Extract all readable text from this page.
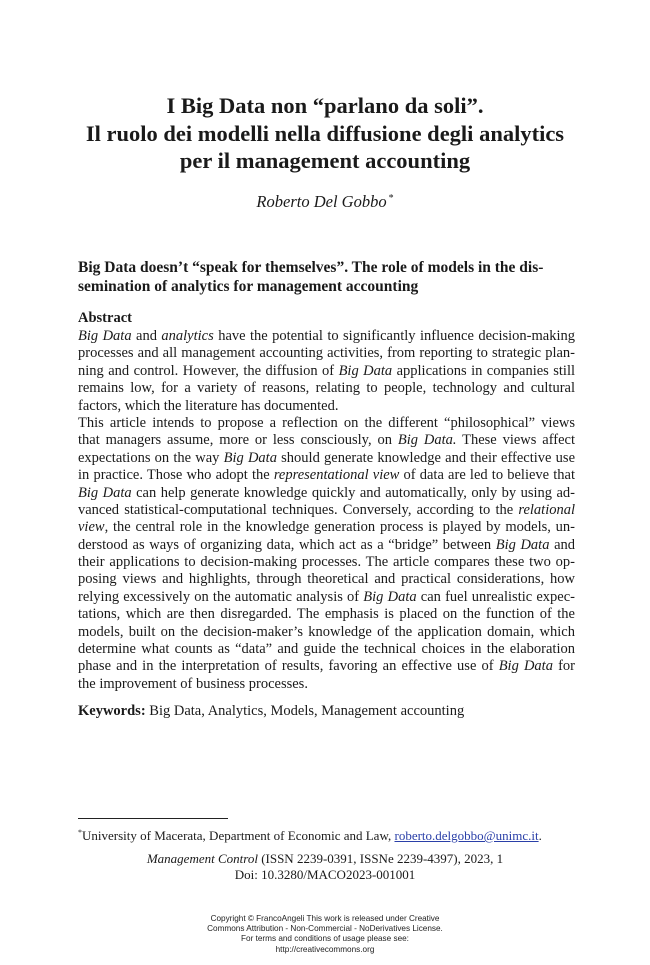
I Big Data non “parlano da soli”.
Il ruolo dei modelli nella diffusione degli analytics
per il management accounting
Roberto Del Gobbo *
Big Data doesn’t “speak for themselves”. The role of models in the dis-
semination of analytics for management accounting
Abstract
Big Data and analytics have the potential to significantly influence decision-making
processes and all management accounting activities, from reporting to strategic plan-
ning and control. However, the diffusion of Big Data applications in companies still
remains low, for a variety of reasons, relating to people, technology and cultural
factors, which the literature has documented.
This article intends to propose a reflection on the different “philosophical” views
that managers assume, more or less consciously, on Big Data. These views affect
expectations on the way Big Data should generate knowledge and their effective use
in practice. Those who adopt the representational view of data are led to believe that
Big Data can help generate knowledge quickly and automatically, only by using ad-
vanced statistical-computational techniques. Conversely, according to the relational
view, the central role in the knowledge generation process is played by models, un-
derstood as ways of organizing data, which act as a “bridge” between Big Data and
their applications to decision-making processes. The article compares these two op-
posing views and highlights, through theoretical and practical considerations, how
relying excessively on the automatic analysis of Big Data can fuel unrealistic expec-
tations, which are then disregarded. The emphasis is placed on the function of the
models, built on the decision-maker’s knowledge of the application domain, which
determine what counts as “data” and guide the technical choices in the elaboration
phase and in the interpretation of results, favoring an effective use of Big Data for
the improvement of business processes.
Keywords: Big Data, Analytics, Models, Management accounting
*University of Macerata, Department of Economic and Law, roberto.delgobbo@unimc.it.
Management Control (ISSN 2239-0391, ISSNe 2239-4397), 2023, 1
Doi: 10.3280/MACO2023-001001
Copyright © FrancoAngeli This work is released under Creative
Commons Attribution - Non-Commercial - NoDerivatives License.
For terms and conditions of usage please see:
http://creativecommons.org
